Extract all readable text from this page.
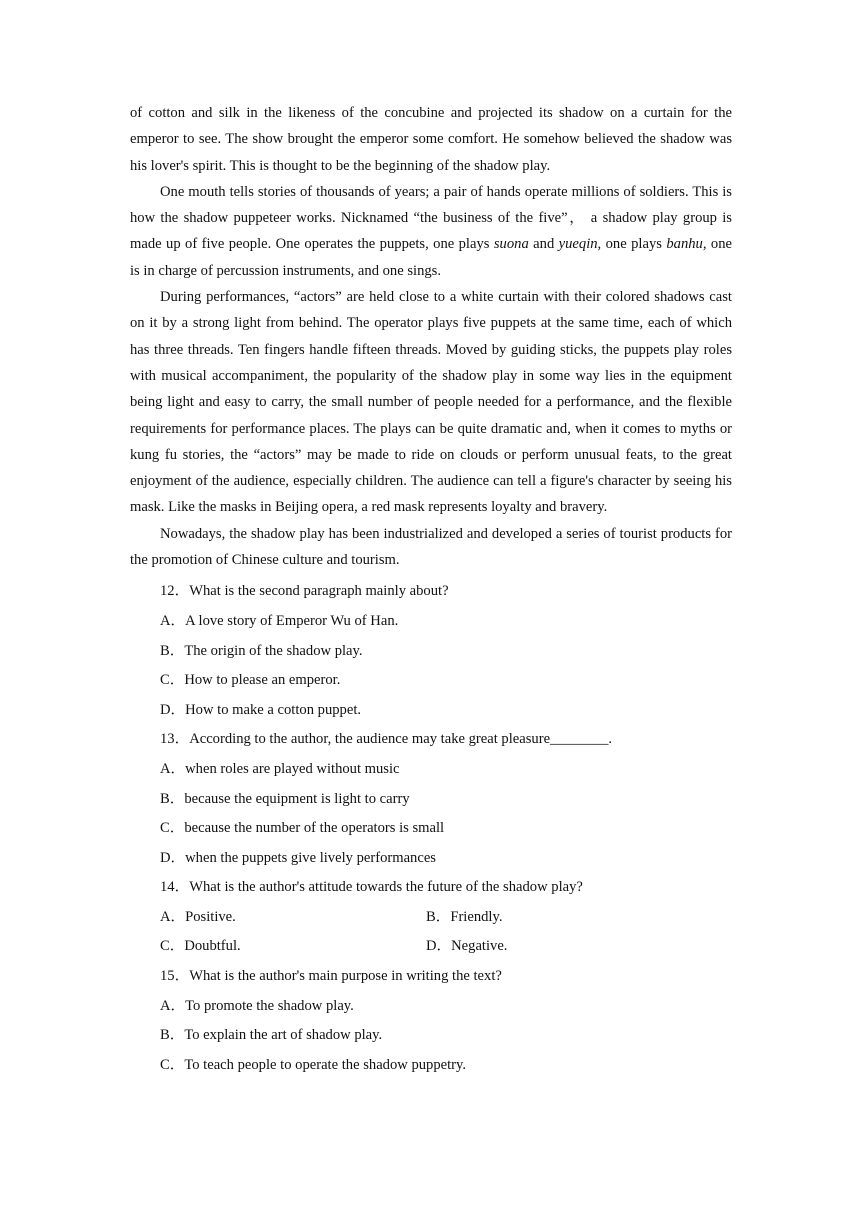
of cotton and silk in the likeness of the concubine and projected its shadow on a curtain for the emperor to see. The show brought the emperor some comfort. He somehow believed the shadow was his lover's spirit. This is thought to be the beginning of the shadow play.

One mouth tells stories of thousands of years; a pair of hands operate millions of soldiers. This is how the shadow puppeteer works. Nicknamed “the business of the five”， a shadow play group is made up of five people. One operates the puppets, one plays suona and yueqin, one plays banhu, one is in charge of percussion instruments, and one sings.

During performances, “actors” are held close to a white curtain with their colored shadows cast on it by a strong light from behind. The operator plays five puppets at the same time, each of which has three threads. Ten fingers handle fifteen threads. Moved by guiding sticks, the puppets play roles with musical accompaniment, the popularity of the shadow play in some way lies in the equipment being light and easy to carry, the small number of people needed for a performance, and the flexible requirements for performance places. The plays can be quite dramatic and, when it comes to myths or kung fu stories, the “actors” may be made to ride on clouds or perform unusual feats, to the great enjoyment of the audience, especially children. The audience can tell a figure's character by seeing his mask. Like the masks in Beijing opera, a red mask represents loyalty and bravery.

Nowadays, the shadow play has been industrialized and developed a series of tourist products for the promotion of Chinese culture and tourism.

12．What is the second paragraph mainly about?

A．A love story of Emperor Wu of Han.

B．The origin of the shadow play.

C．How to please an emperor.

D．How to make a cotton puppet.

13．According to the author, the audience may take great pleasure________.

A．when roles are played without music

B．because the equipment is light to carry

C．because the number of the operators is small

D．when the puppets give lively performances

14．What is the author's attitude towards the future of the shadow play?

A．Positive.	B．Friendly.
C．Doubtful.	D．Negative.

15．What is the author's main purpose in writing the text?

A．To promote the shadow play.

B．To explain the art of shadow play.

C．To teach people to operate the shadow puppetry.
